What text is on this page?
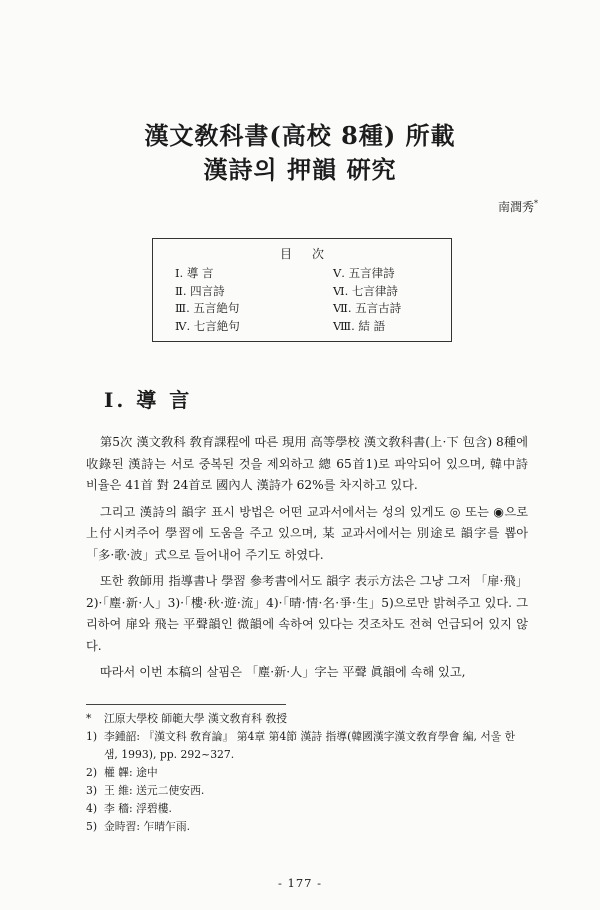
漢文敎科書(高校 8種) 所載
漢詩의 押韻 硏究
南潤秀*
目次
Ⅰ. 導 言
Ⅱ. 四言詩
Ⅲ. 五言絶句
Ⅳ. 七言絶句
Ⅴ. 五言律詩
Ⅵ. 七言律詩
Ⅶ. 五言古詩
Ⅷ. 結 語
Ⅰ. 導 言

第5次 漢文敎科 敎育課程에 따른 現用 高等學校 漢文敎科書(上·下 包含) 8種에 收錄된 漢詩는 서로 중복된 것을 제외하고 總 65首1)로 파악되어 있으며, 韓中詩 비율은 41首 對 24首로 國內人 漢詩가 62%를 차지하고 있다.

그리고 漢詩의 韻字 표시 방법은 어떤 교과서에서는 성의 있게도 ◎ 또는 ◉으로 上付시켜주어 學習에 도움을 주고 있으며, 某 교과서에서는 別途로 韻字를 뽑아 「多·歌·波」式으로 들어내어 주기도 하였다.

또한 敎師用 指導書나 學習 參考書에서도 韻字 表示方法은 그냥 그저 「扉·飛」2)·「塵·新·人」3)·「樓·秋·遊·流」4)·「晴·情·名·爭·生」5)으로만 밝혀주고 있다. 그리하여 扉와 飛는 平聲韻인 微韻에 속하여 있다는 것조차도 전혀 언급되어 있지 않다.

따라서 이번 本稿의 살핌은 「塵·新·人」字는 平聲 眞韻에 속해 있고,

*	江原大學校 師範大學 漢文敎育科 敎授
1) 李鍾韶: 『漢文科 敎育論』 第4章 第4節 漢詩 指導(韓國漢字漢文敎育學會 編, 서울 한샘, 1993), pp. 292~327.
2) 權 韠: 途中
3) 王 維: 送元二使安西.
4) 李 穡: 浮碧樓.
5) 金時習: 乍晴乍雨.
- 177 -
